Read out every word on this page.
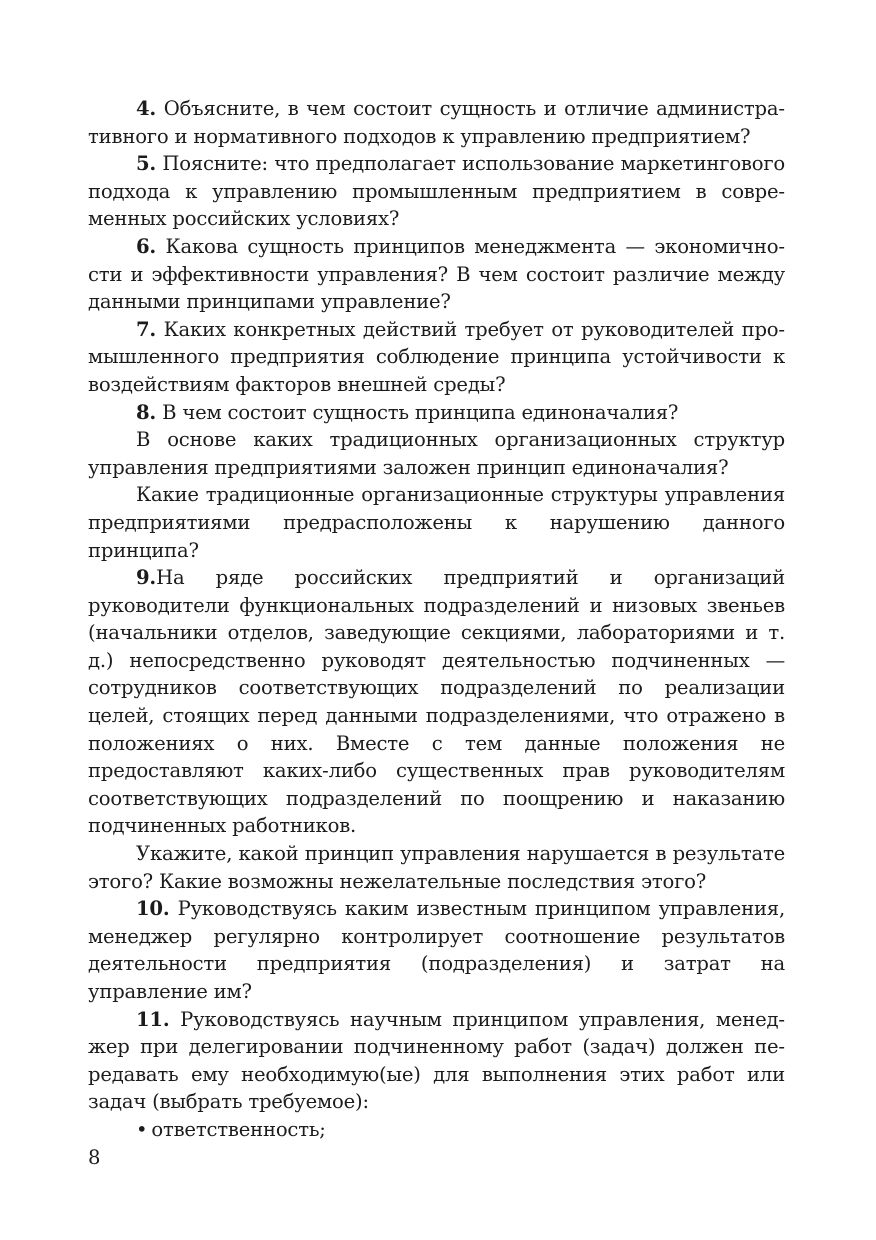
4. Объясните, в чем состоит сущность и отличие административного и нормативного подходов к управлению предприятием?

5. Поясните: что предполагает использование маркетингового подхода к управлению промышленным предприятием в современных российских условиях?

6. Какова сущность принципов менеджмента — экономичности и эффективности управления? В чем состоит различие между данными принципами управление?

7. Каких конкретных действий требует от руководителей промышленного предприятия соблюдение принципа устойчивости к воздействиям факторов внешней среды?

8. В чем состоит сущность принципа единоначалия?

В основе каких традиционных организационных структур управления предприятиями заложен принцип единоначалия?

Какие традиционные организационные структуры управления предприятиями предрасположены к нарушению данного принципа?

9.На ряде российских предприятий и организаций руководители функциональных подразделений и низовых звеньев (начальники отделов, заведующие секциями, лабораториями и т. д.) непосредственно руководят деятельностью подчиненных — сотрудников соответствующих подразделений по реализации целей, стоящих перед данными подразделениями, что отражено в положениях о них. Вместе с тем данные положения не предоставляют каких-либо существенных прав руководителям соответствующих подразделений по поощрению и наказанию подчиненных работников.

Укажите, какой принцип управления нарушается в результате этого? Какие возможны нежелательные последствия этого?

10. Руководствуясь каким известным принципом управления, менеджер регулярно контролирует соотношение результатов деятельности предприятия (подразделения) и затрат на управление им?

11. Руководствуясь научным принципом управления, менеджер при делегировании подчиненному работ (задач) должен передавать ему необходимую(ые) для выполнения этих работ или задач (выбрать требуемое):

• ответственность;
8
